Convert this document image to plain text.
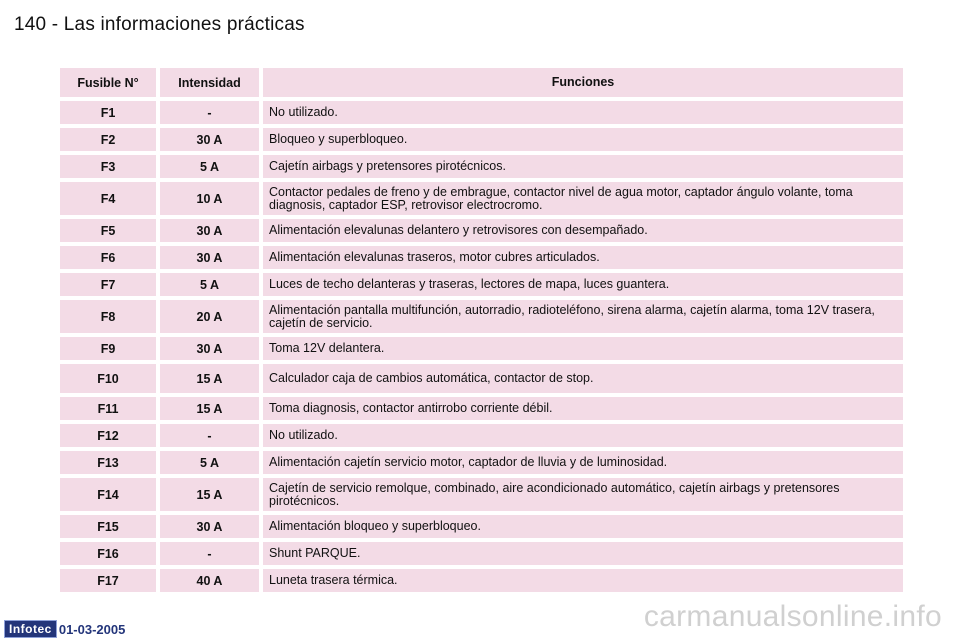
140 - Las informaciones prácticas
Fusible N°	Intensidad	Funciones
F1	-	No utilizado.
F2	30 A	Bloqueo y superbloqueo.
F3	5 A	Cajetín airbags y pretensores pirotécnicos.
F4	10 A	Contactor pedales de freno y de embrague, contactor nivel de agua motor, captador ángulo volante, toma diagnosis, captador ESP, retrovisor electrocromo.
F5	30 A	Alimentación elevalunas delantero y retrovisores con desempañado.
F6	30 A	Alimentación elevalunas traseros, motor cubres articulados.
F7	5 A	Luces de techo delanteras y traseras, lectores de mapa, luces guantera.
F8	20 A	Alimentación pantalla multifunción, autorradio, radioteléfono, sirena alarma, cajetín alarma, toma 12V trasera, cajetín de servicio.
F9	30 A	Toma 12V delantera.
F10	15 A	Calculador caja de cambios automática, contactor de stop.
F11	15 A	Toma diagnosis, contactor antirrobo corriente débil.
F12	-	No utilizado.
F13	5 A	Alimentación cajetín servicio motor, captador de lluvia y de luminosidad.
F14	15 A	Cajetín de servicio remolque, combinado, aire acondicionado automático, cajetín airbags y pretensores pirotécnicos.
F15	30 A	Alimentación bloqueo y superbloqueo.
F16	-	Shunt PARQUE.
F17	40 A	Luneta trasera térmica.
Infotec 01-03-2005	carmanualsonline.info
